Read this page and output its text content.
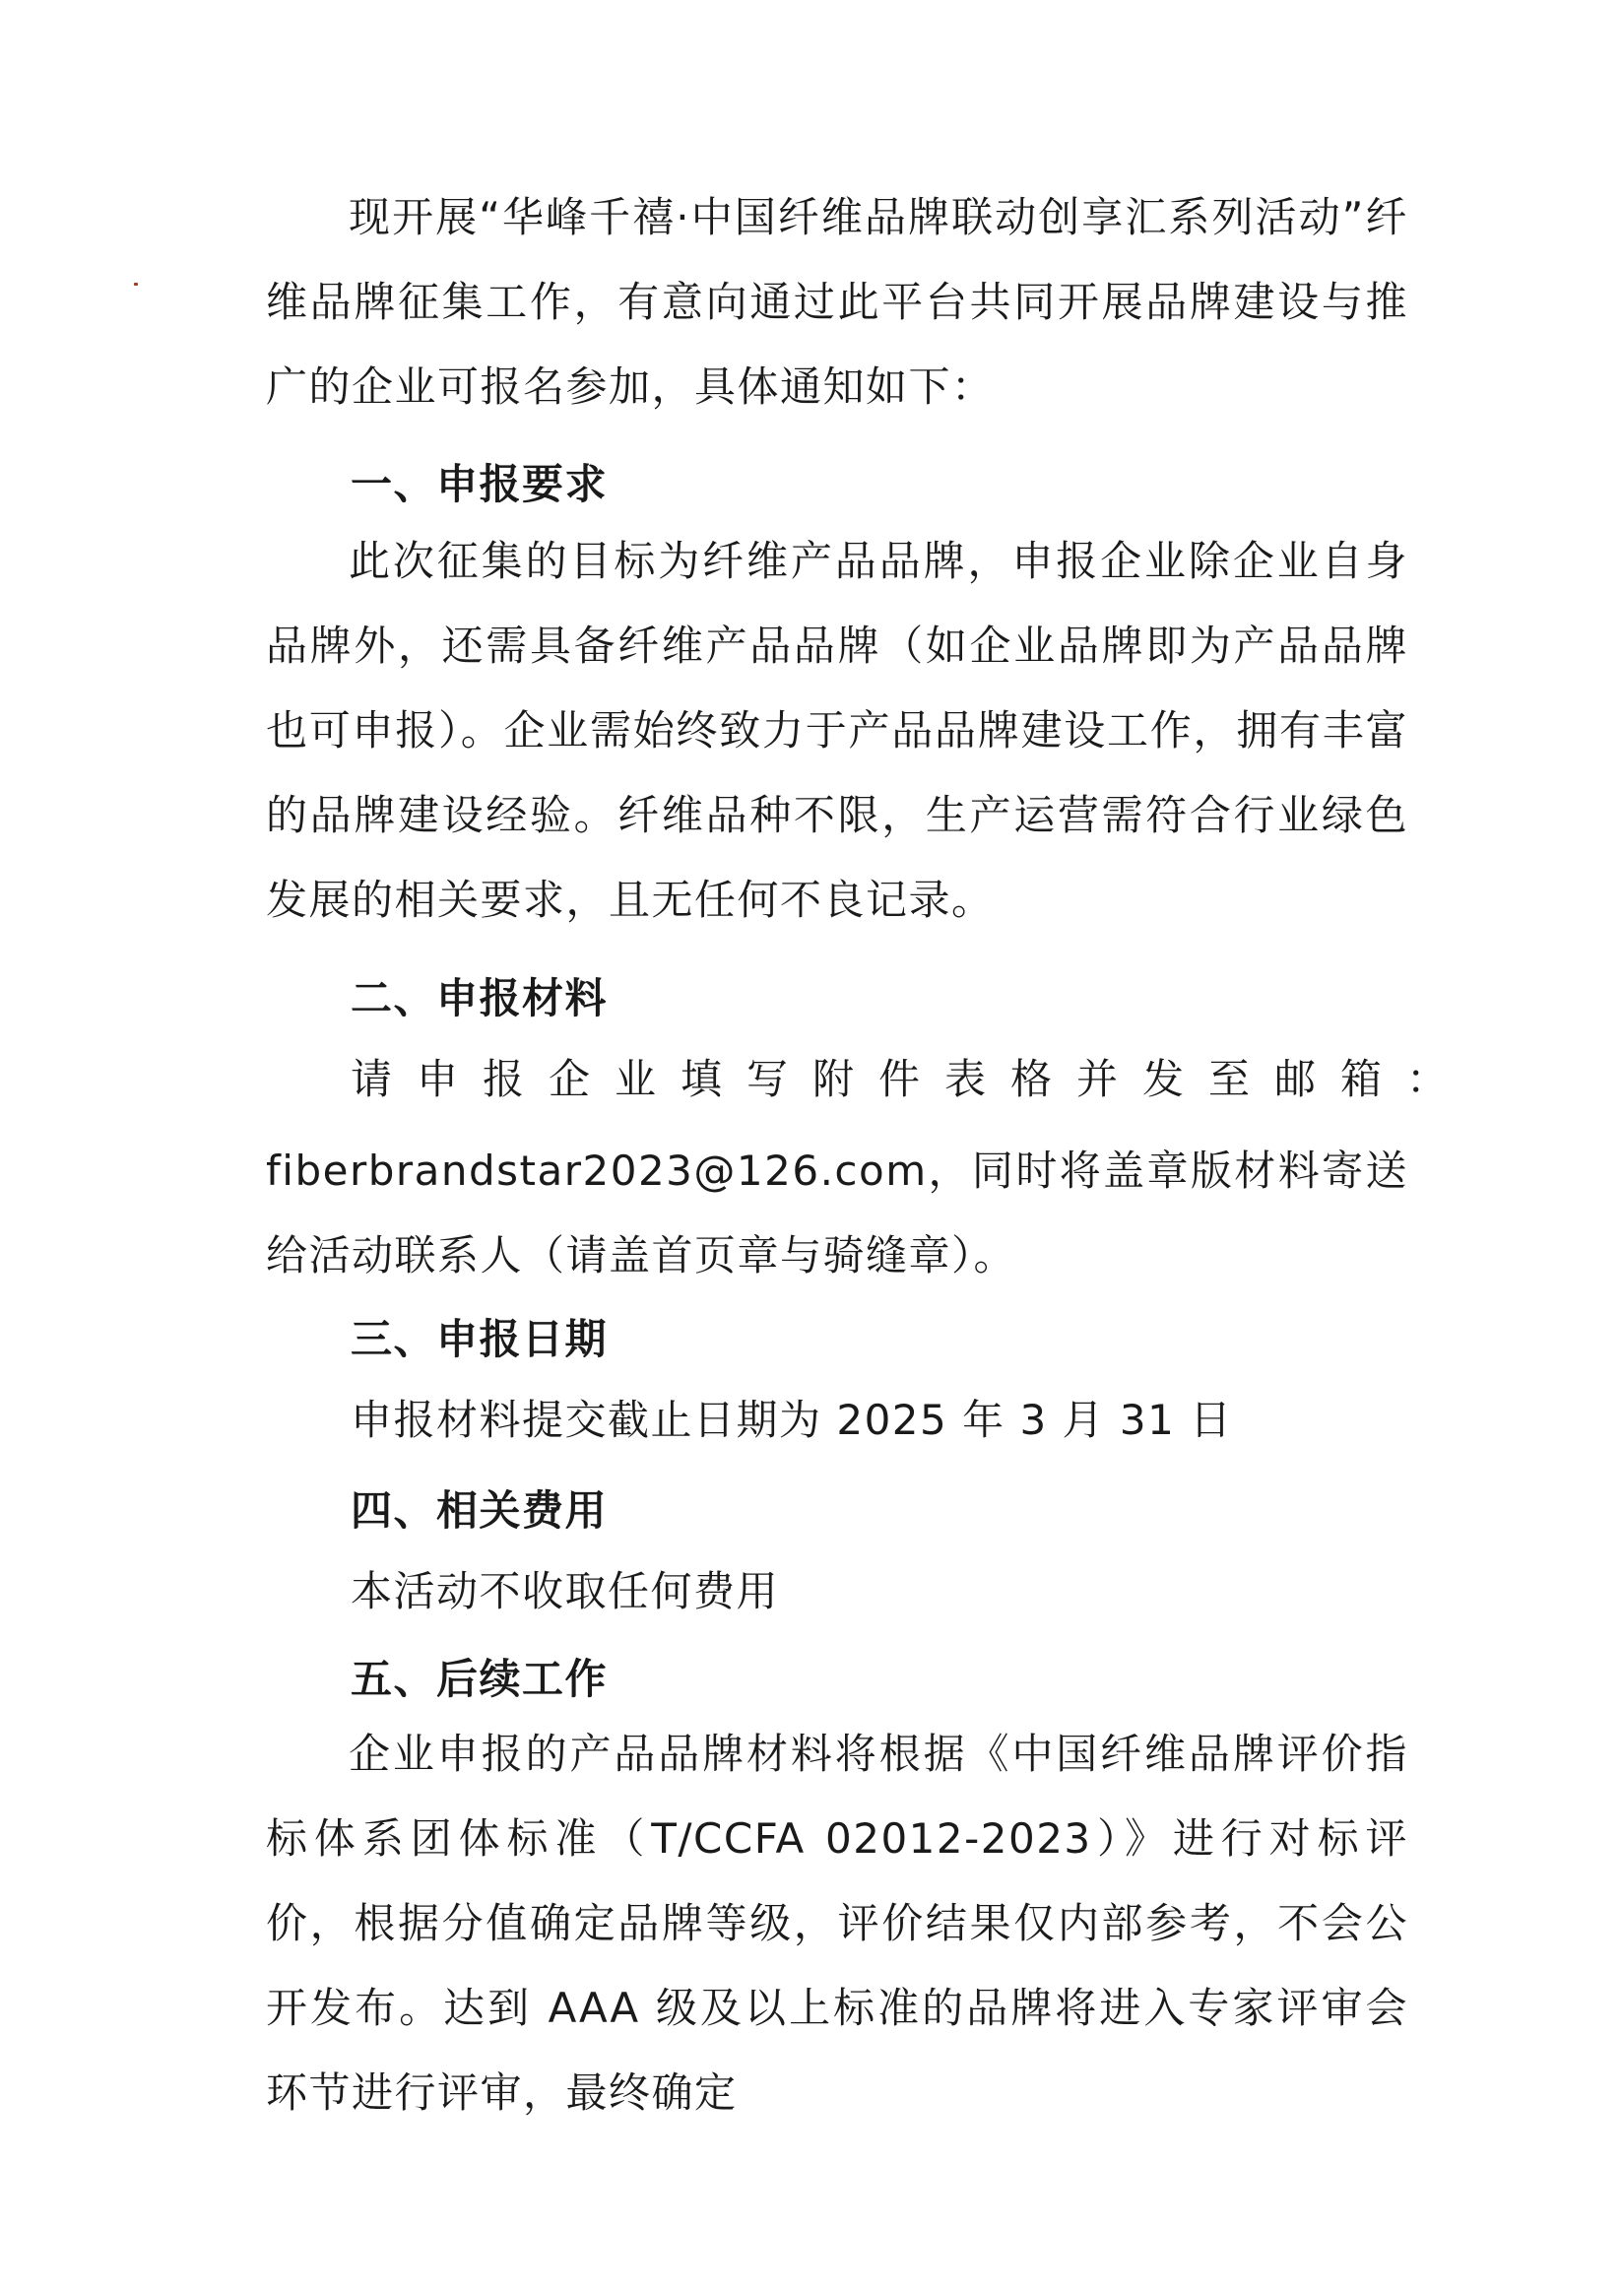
现开展“华峰千禧·中国纤维品牌联动创享汇系列活动”纤维品牌征集工作，有意向通过此平台共同开展品牌建设与推广的企业可报名参加，具体通知如下：

一、申报要求

此次征集的目标为纤维产品品牌，申报企业除企业自身品牌外，还需具备纤维产品品牌（如企业品牌即为产品品牌也可申报）。企业需始终致力于产品品牌建设工作，拥有丰富的品牌建设经验。纤维品种不限，生产运营需符合行业绿色发展的相关要求，且无任何不良记录。

二、申报材料

请申报企业填写附件表格并发至邮箱：

fiberbrandstar2023@126.com，同时将盖章版材料寄送给活动联系人（请盖首页章与骑缝章）。

三、申报日期

申报材料提交截止日期为 2025 年 3 月 31 日

四、相关费用

本活动不收取任何费用

五、后续工作

企业申报的产品品牌材料将根据《中国纤维品牌评价指标体系团体标准（T/CCFA 02012-2023）》进行对标评价，根据分值确定品牌等级，评价结果仅内部参考，不会公开发布。达到 AAA 级及以上标准的品牌将进入专家评审会环节进行评审，最终确定
